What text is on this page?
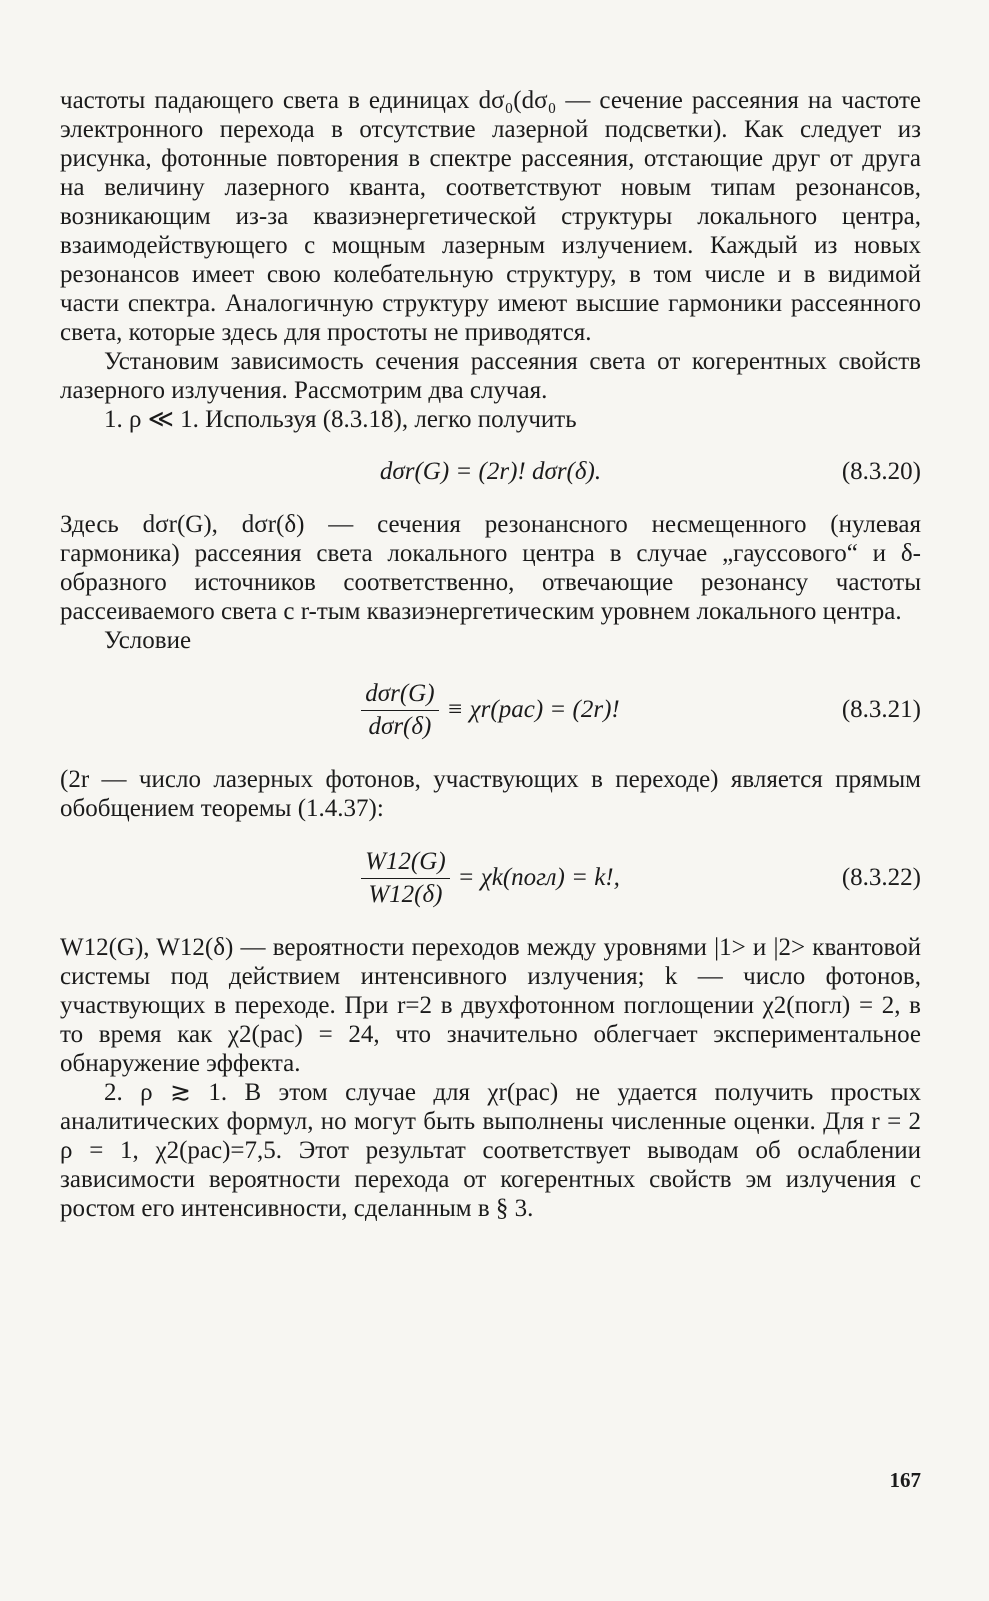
частоты падающего света в единицах dσ₀(dσ₀ — сечение рассеяния на частоте электронного перехода в отсутствие лазерной подсветки). Как следует из рисунка, фотонные повторения в спектре рассеяния, отстающие друг от друга на величину лазерного кванта, соответствуют новым типам резонансов, возникающим из-за квазиэнергетической структуры локального центра, взаимодействующего с мощным лазерным излучением. Каждый из новых резонансов имеет свою колебательную структуру, в том числе и в видимой части спектра. Аналогичную структуру имеют высшие гармоники рассеянного света, которые здесь для простоты не приводятся.

Установим зависимость сечения рассеяния света от когерентных свойств лазерного излучения. Рассмотрим два случая.

1. ρ ≪ 1. Используя (8.3.18), легко получить

dσr(G) = (2r)! dσr(δ).	(8.3.20)

Здесь dσr(G), dσr(δ) — сечения резонансного несмещенного (нулевая гармоника) рассеяния света локального центра в случае „гауссового“ и δ-образного источников соответственно, отвечающие резонансу частоты рассеиваемого света с r-тым квазиэнергетическим уровнем локального центра.

Условие

$\frac{\text{dσr(G)}}{\text{dσr(δ)}} \equiv \chi r(рас) = (2r)$!	(8.3.21)

(2r — число лазерных фотонов, участвующих в переходе) является прямым обобщением теоремы (1.4.37):

$\frac{W12(G)}{W12(\delta)}$ = χk(погл) = k!,	(8.3.22)

W12(G), W12(δ) — вероятности переходов между уровнями |1> и |2> квантовой системы под действием интенсивного излучения; k — число фотонов, участвующих в переходе. При r=2 в двухфотонном поглощении χ2(погл) = 2, в то время как χ2(рас) = 24, что значительно облегчает экспериментальное обнаружение эффекта.

2. ρ ≳ 1. В этом случае для χr(рас) не удается получить простых аналитических формул, но могут быть выполнены численные оценки. Для r = 2 ρ = 1, χ2(рас)=7,5. Этот результат соответствует выводам об ослаблении зависимости вероятности перехода от когерентных свойств эм излучения с ростом его интенсивности, сделанным в § 3.

167
